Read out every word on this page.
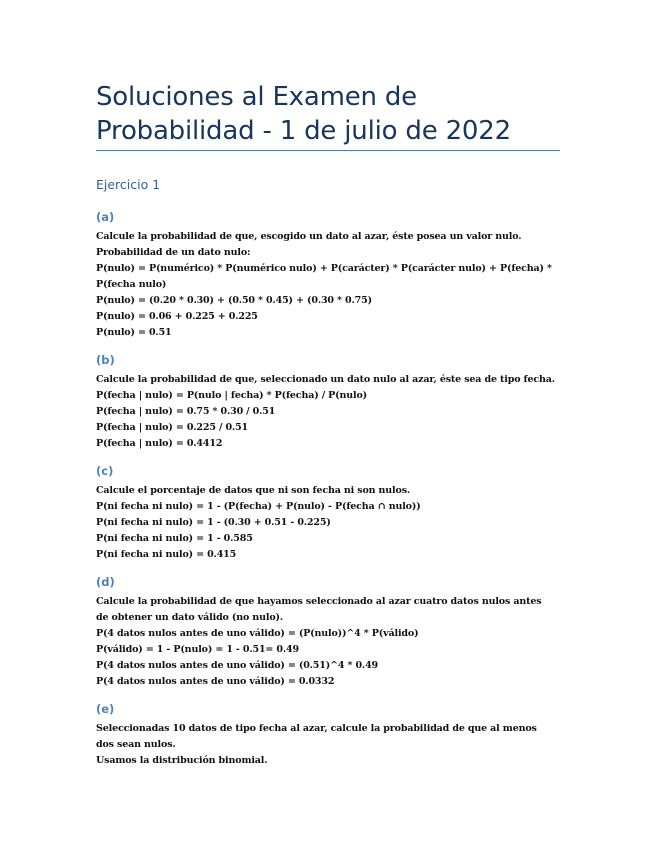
Soluciones al Examen de Probabilidad - 1 de julio de 2022
Ejercicio 1
(a)

Calcule la probabilidad de que, escogido un dato al azar, éste posea un valor nulo.

Probabilidad de un dato nulo:

P(nulo) = P(numérico) * P(numérico nulo) + P(carácter) * P(carácter nulo) + P(fecha) * P(fecha nulo)

P(nulo) = (0.20 * 0.30) + (0.50 * 0.45) + (0.30 * 0.75)

P(nulo) = 0.06 + 0.225 + 0.225

P(nulo) = 0.51

(b)

Calcule la probabilidad de que, seleccionado un dato nulo al azar, éste sea de tipo fecha.

P(fecha | nulo) = P(nulo | fecha) * P(fecha) / P(nulo)

P(fecha | nulo) = 0.75 * 0.30 / 0.51

P(fecha | nulo) = 0.225 / 0.51

P(fecha | nulo) = 0.4412

(c)

Calcule el porcentaje de datos que ni son fecha ni son nulos.

P(ni fecha ni nulo) = 1 - (P(fecha) + P(nulo) - P(fecha ∩ nulo))

P(ni fecha ni nulo) = 1 - (0.30 + 0.51 - 0.225)

P(ni fecha ni nulo) = 1 - 0.585

P(ni fecha ni nulo) = 0.415

(d)

Calcule la probabilidad de que hayamos seleccionado al azar cuatro datos nulos antes de obtener un dato válido (no nulo).

P(4 datos nulos antes de uno válido) = (P(nulo))^4 * P(válido)

P(válido) = 1 - P(nulo) = 1 - 0.51= 0.49

P(4 datos nulos antes de uno válido) = (0.51)^4 * 0.49

P(4 datos nulos antes de uno válido) = 0.0332

(e)

Seleccionadas 10 datos de tipo fecha al azar, calcule la probabilidad de que al menos dos sean nulos.

Usamos la distribución binomial.
